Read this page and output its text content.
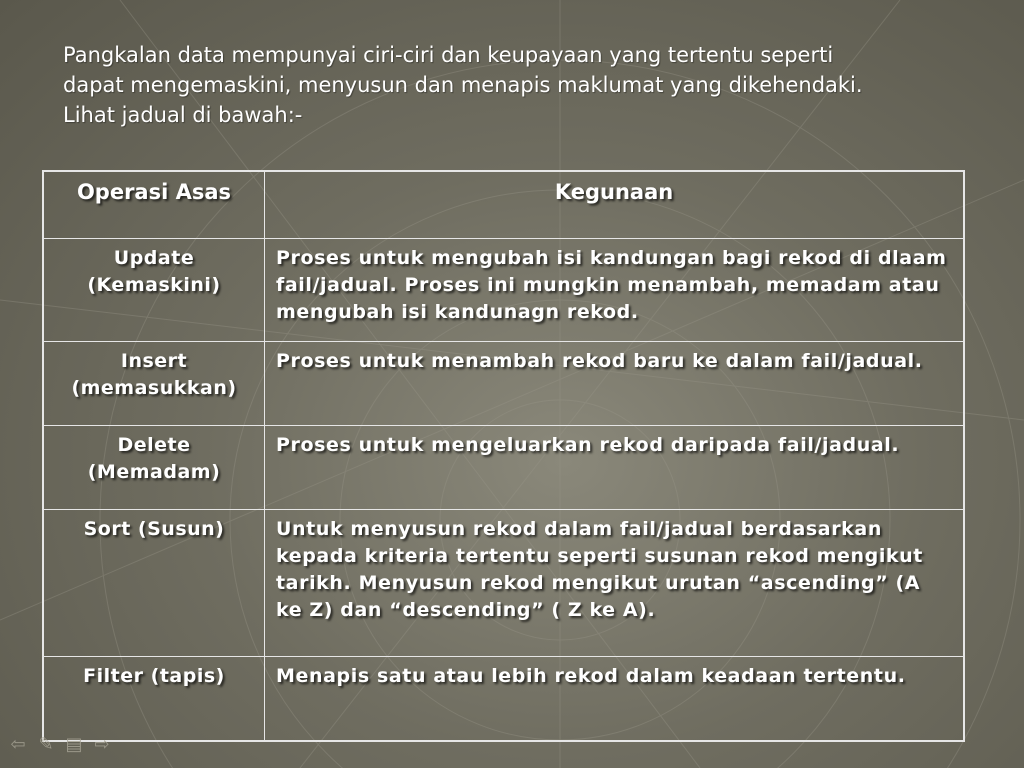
Pangkalan data mempunyai ciri-ciri dan keupayaan yang tertentu seperti dapat mengemaskini, menyusun dan menapis maklumat yang dikehendaki. Lihat jadual di bawah:-
Operasi Asas	Kegunaan
Update (Kemaskini)	Proses untuk mengubah isi kandungan bagi rekod di dlaam fail/jadual. Proses ini mungkin menambah, memadam atau mengubah isi kandunagn rekod.
Insert (memasukkan)	Proses untuk menambah rekod baru ke dalam fail/jadual.
Delete (Memadam)	Proses untuk mengeluarkan rekod daripada fail/jadual.
Sort (Susun)	Untuk menyusun rekod dalam fail/jadual berdasarkan kepada kriteria tertentu seperti susunan rekod mengikut tarikh. Menyusun rekod mengikut urutan “ascending” (A ke Z) dan “descending” ( Z ke A).
Filter (tapis)	Menapis satu atau lebih rekod dalam keadaan tertentu.
⇦ ✎ ▤ ⇨
